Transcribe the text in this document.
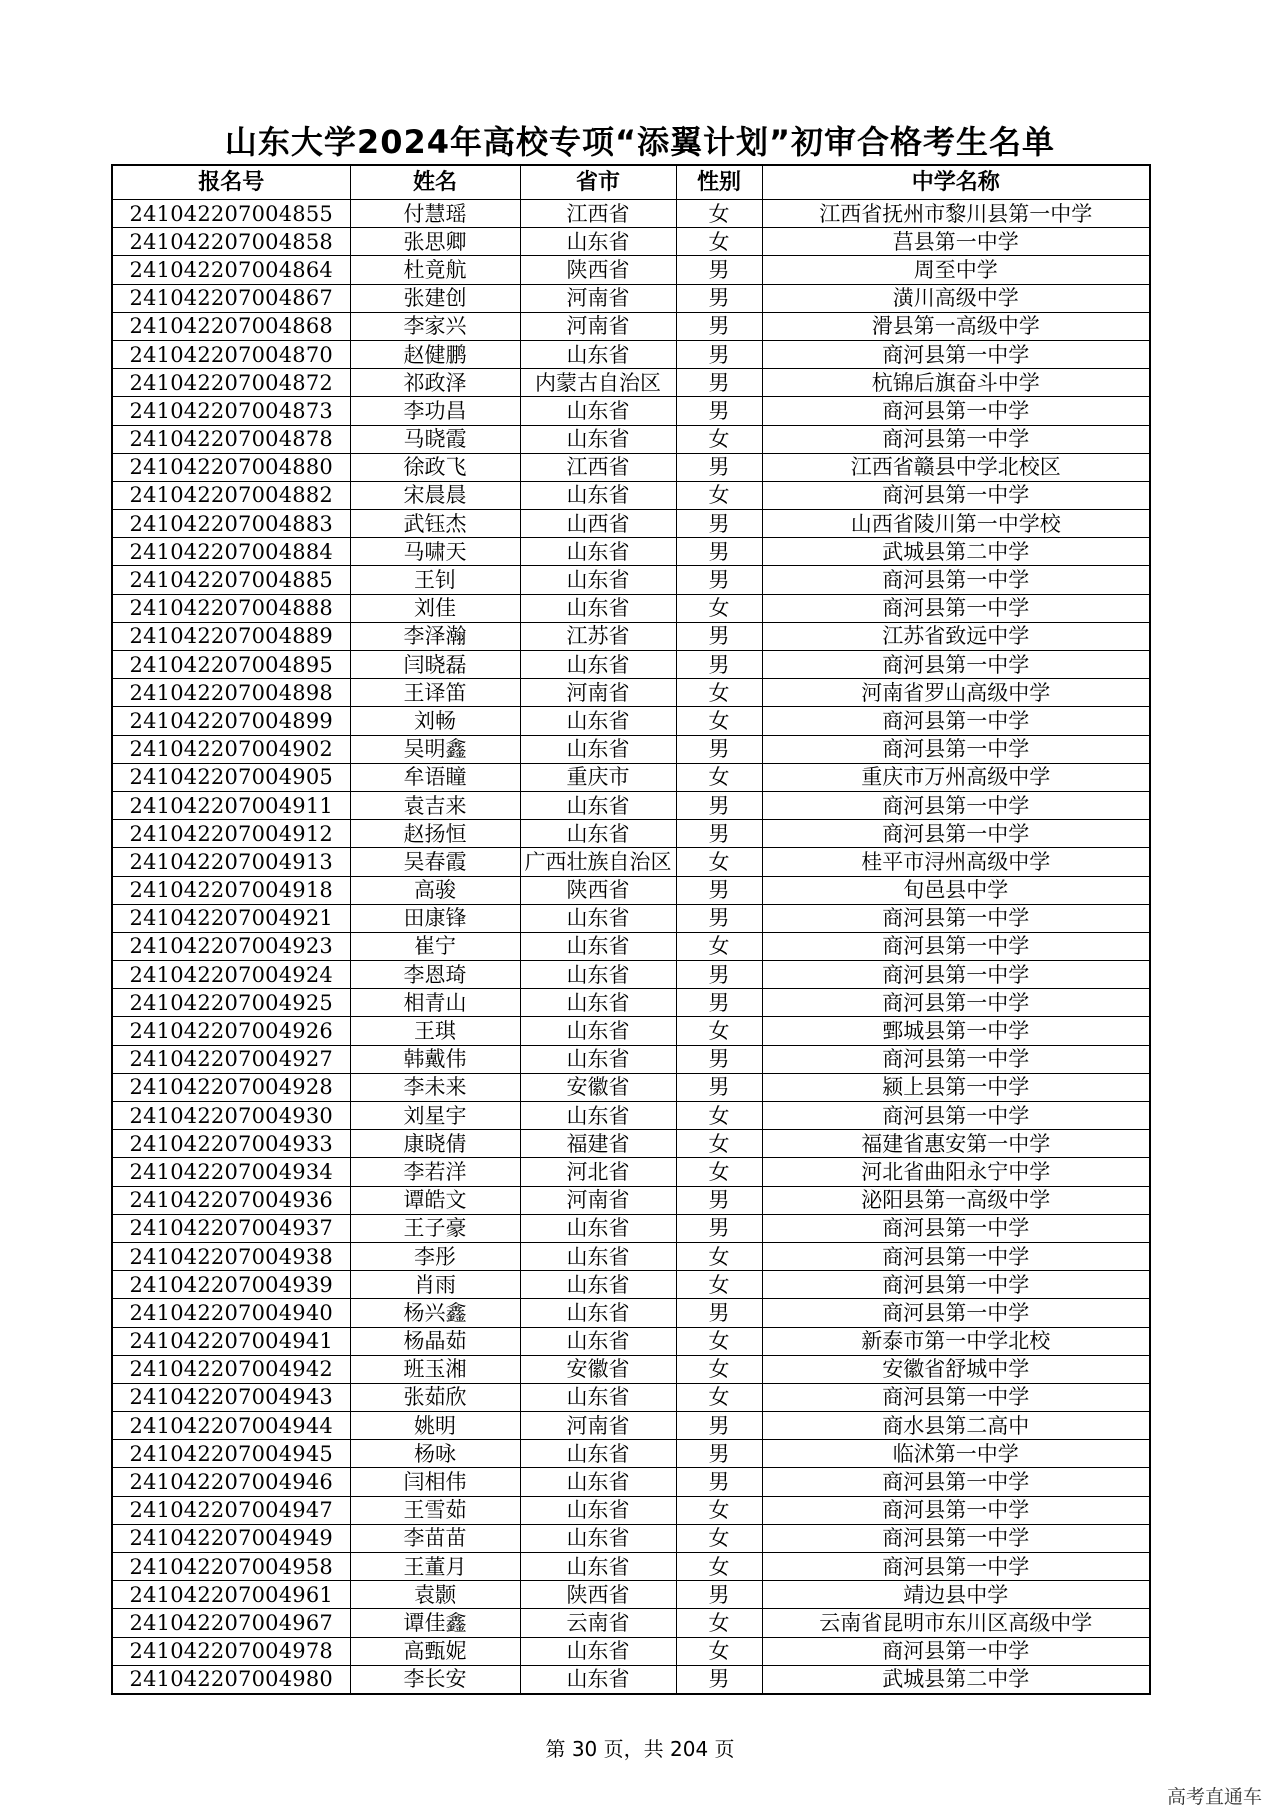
山东大学2024年高校专项“添翼计划”初审合格考生名单
报名号	姓名	省市	性别	中学名称
241042207004855	付慧瑶	江西省	女	江西省抚州市黎川县第一中学
241042207004858	张思卿	山东省	女	莒县第一中学
241042207004864	杜竟航	陕西省	男	周至中学
241042207004867	张建创	河南省	男	潢川高级中学
241042207004868	李家兴	河南省	男	滑县第一高级中学
241042207004870	赵健鹏	山东省	男	商河县第一中学
241042207004872	祁政泽	内蒙古自治区	男	杭锦后旗奋斗中学
241042207004873	李功昌	山东省	男	商河县第一中学
241042207004878	马晓霞	山东省	女	商河县第一中学
241042207004880	徐政飞	江西省	男	江西省赣县中学北校区
241042207004882	宋晨晨	山东省	女	商河县第一中学
241042207004883	武钰杰	山西省	男	山西省陵川第一中学校
241042207004884	马啸天	山东省	男	武城县第二中学
241042207004885	王钊	山东省	男	商河县第一中学
241042207004888	刘佳	山东省	女	商河县第一中学
241042207004889	李泽瀚	江苏省	男	江苏省致远中学
241042207004895	闫晓磊	山东省	男	商河县第一中学
241042207004898	王译笛	河南省	女	河南省罗山高级中学
241042207004899	刘畅	山东省	女	商河县第一中学
241042207004902	吴明鑫	山东省	男	商河县第一中学
241042207004905	牟语瞳	重庆市	女	重庆市万州高级中学
241042207004911	袁吉来	山东省	男	商河县第一中学
241042207004912	赵扬恒	山东省	男	商河县第一中学
241042207004913	吴春霞	广西壮族自治区	女	桂平市浔州高级中学
241042207004918	高骏	陕西省	男	旬邑县中学
241042207004921	田康锋	山东省	男	商河县第一中学
241042207004923	崔宁	山东省	女	商河县第一中学
241042207004924	李恩琦	山东省	男	商河县第一中学
241042207004925	相青山	山东省	男	商河县第一中学
241042207004926	王琪	山东省	女	鄄城县第一中学
241042207004927	韩戴伟	山东省	男	商河县第一中学
241042207004928	李未来	安徽省	男	颍上县第一中学
241042207004930	刘星宇	山东省	女	商河县第一中学
241042207004933	康晓倩	福建省	女	福建省惠安第一中学
241042207004934	李若洋	河北省	女	河北省曲阳永宁中学
241042207004936	谭皓文	河南省	男	泌阳县第一高级中学
241042207004937	王子豪	山东省	男	商河县第一中学
241042207004938	李彤	山东省	女	商河县第一中学
241042207004939	肖雨	山东省	女	商河县第一中学
241042207004940	杨兴鑫	山东省	男	商河县第一中学
241042207004941	杨晶茹	山东省	女	新泰市第一中学北校
241042207004942	班玉湘	安徽省	女	安徽省舒城中学
241042207004943	张茹欣	山东省	女	商河县第一中学
241042207004944	姚明	河南省	男	商水县第二高中
241042207004945	杨咏	山东省	男	临沭第一中学
241042207004946	闫相伟	山东省	男	商河县第一中学
241042207004947	王雪茹	山东省	女	商河县第一中学
241042207004949	李苗苗	山东省	女	商河县第一中学
241042207004958	王董月	山东省	女	商河县第一中学
241042207004961	袁颢	陕西省	男	靖边县中学
241042207004967	谭佳鑫	云南省	女	云南省昆明市东川区高级中学
241042207004978	高甄妮	山东省	女	商河县第一中学
241042207004980	李长安	山东省	男	武城县第二中学
第 30 页，共 204 页
高考直通车
